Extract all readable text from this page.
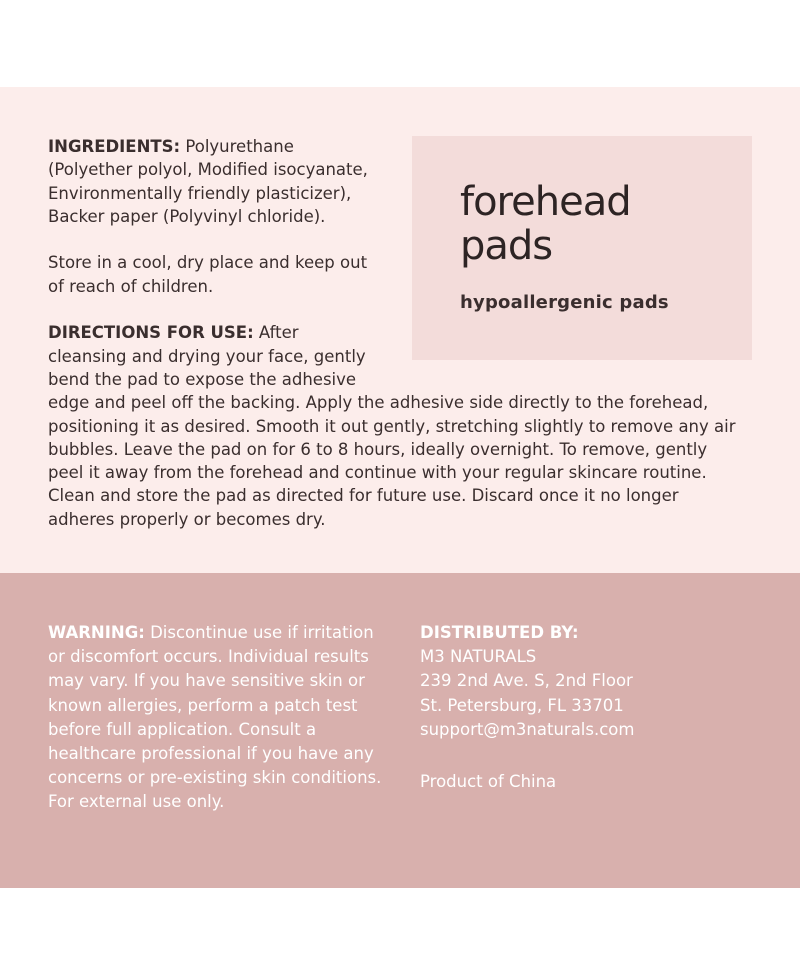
forehead
pads

hypoallergenic pads

INGREDIENTS: Polyurethane (Polyether polyol, Modified isocyanate, Environmentally friendly plasticizer), Backer paper (Polyvinyl chloride).

Store in a cool, dry place and keep out of reach of children.

DIRECTIONS FOR USE: After cleansing and drying your face, gently bend the pad to expose the adhesive edge and peel off the backing. Apply the adhesive side directly to the forehead, positioning it as desired. Smooth it out gently, stretching slightly to remove any air bubbles. Leave the pad on for 6 to 8 hours, ideally overnight. To remove, gently peel it away from the forehead and continue with your regular skincare routine. Clean and store the pad as directed for future use. Discard once it no longer adheres properly or becomes dry.

WARNING: Discontinue use if irritation or discomfort occurs. Individual results may vary. If you have sensitive skin or known allergies, perform a patch test before full application. Consult a healthcare professional if you have any concerns or pre-existing skin conditions. For external use only.

DISTRIBUTED BY:

M3 NATURALS

239 2nd Ave. S, 2nd Floor

St. Petersburg, FL 33701

support@m3naturals.com

Product of China
